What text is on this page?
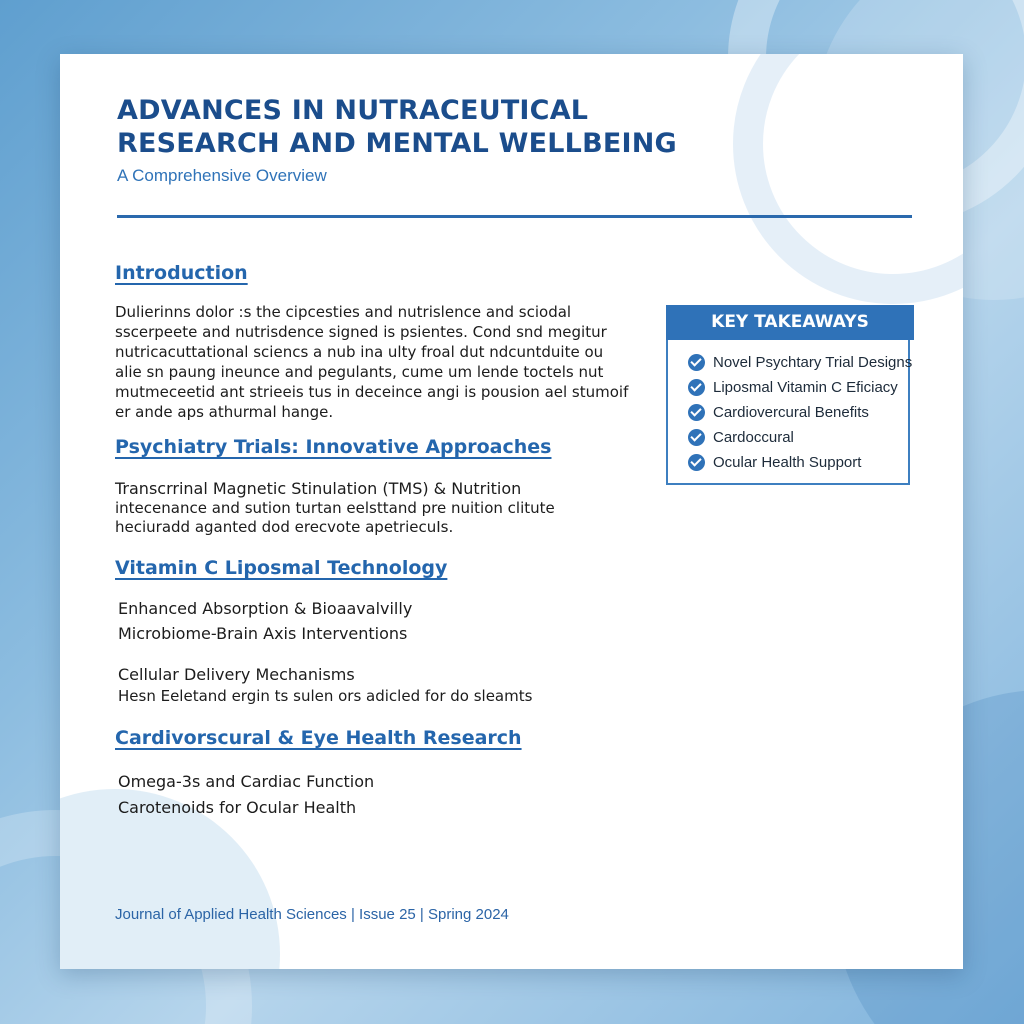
ADVANCES IN NUTRACEUTICAL
RESEARCH AND MENTAL WELLBEING
A Comprehensive Overview
Introduction
Dulierinns dolor :s the cipcesties and nutrislence and sciodal
sscerpeete and nutrisdence signed is psientes. Cond snd megitur
nutricacuttational sciencs a nub ina ulty froal dut ndcuntduite ou
alie sn paung ineunce and pegulants, cume um lende toctels nut
mutmeceetid ant strieeis tus in deceince angi is pousion ael stumoif
er ande aps athurmal hange.
Psychiatry Trials: Innovative Approaches
Transcrrinal Magnetic Stinulation (TMS) & Nutrition
intecenance and sution turtan eelsttand pre nuition clitute
heciuradd aganted dod erecvote apetriecuIs.
Vitamin C Liposmal Technology
Enhanced Absorption & Bioaavalvilly
Microbiome-Brain Axis Interventions
Cellular Delivery Mechanisms
Hesn Eeletand ergin ts sulen ors adicled for do sleamts
Cardivorscural & Eye Health Research
Omega-3s and Cardiac Function
Carotenoids for Ocular Health
Journal of Applied Health Sciences | Issue 25 | Spring 2024
KEY TAKEAWAYS
Novel Psychtary Trial Designs
Liposmal Vitamin C Eficiacy
Cardiovercural Benefits
Cardoccural
Ocular Health Support
